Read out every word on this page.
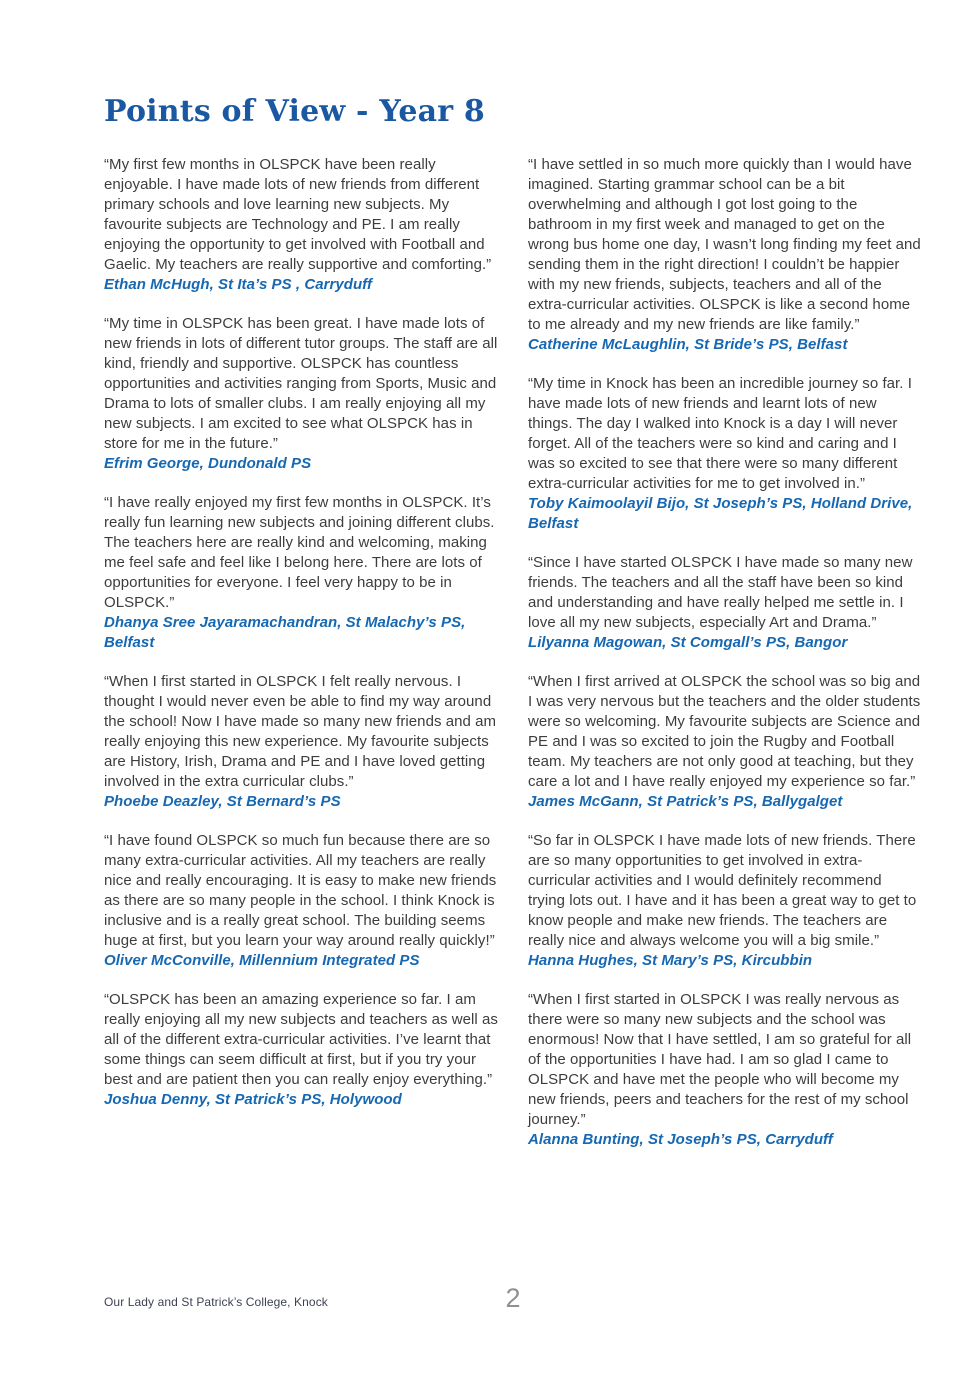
Points of View - Year 8

“My first few months in OLSPCK have been really enjoyable. I have made lots of new friends from different primary schools and love learning new subjects. My favourite subjects are Technology and PE. I am really enjoying the opportunity to get involved with Football and Gaelic. My teachers are really supportive and comforting.”

Ethan McHugh, St Ita’s PS , Carryduff

“My time in OLSPCK has been great. I have made lots of new friends in lots of different tutor groups. The staff are all kind, friendly and supportive. OLSPCK has countless opportunities and activities ranging from Sports, Music and Drama to lots of smaller clubs. I am really enjoying all my new subjects. I am excited to see what OLSPCK has in store for me in the future.”

Efrim George, Dundonald PS

“I have really enjoyed my first few months in OLSPCK. It’s really fun learning new subjects and joining different clubs. The teachers here are really kind and welcoming, making me feel safe and feel like I belong here. There are lots of opportunities for everyone. I feel very happy to be in OLSPCK.”

Dhanya Sree Jayaramachandran, St Malachy’s PS, Belfast

“When I first started in OLSPCK I felt really nervous. I thought I would never even be able to find my way around the school! Now I have made so many new friends and am really enjoying this new experience. My favourite subjects are History, Irish, Drama and PE and I have loved getting involved in the extra curricular clubs.”

Phoebe Deazley, St Bernard’s PS

“I have found OLSPCK so much fun because there are so many extra-curricular activities. All my teachers are really nice and really encouraging. It is easy to make new friends as there are so many people in the school. I think Knock is inclusive and is a really great school. The building seems huge at first, but you learn your way around really quickly!”

Oliver McConville, Millennium Integrated PS

“OLSPCK has been an amazing experience so far. I am really enjoying all my new subjects and teachers as well as all of the different extra-curricular activities. I’ve learnt that some things can seem difficult at first, but if you try your best and are patient then you can really enjoy everything.”

Joshua Denny, St Patrick’s PS, Holywood

“I have settled in so much more quickly than I would have imagined. Starting grammar school can be a bit overwhelming and although I got lost going to the bathroom in my first week and managed to get on the wrong bus home one day, I wasn’t long finding my feet and sending them in the right direction! I couldn’t be happier with my new friends, subjects, teachers and all of the extra-curricular activities. OLSPCK is like a second home to me already and my new friends are like family.”

Catherine McLaughlin, St Bride’s PS, Belfast

“My time in Knock has been an incredible journey so far. I have made lots of new friends and learnt lots of new things. The day I walked into Knock is a day I will never forget. All of the teachers were so kind and caring and I was so excited to see that there were so many different extra-curricular activities for me to get involved in.”

Toby Kaimoolayil Bijo, St Joseph’s PS, Holland Drive, Belfast

“Since I have started OLSPCK I have made so many new friends. The teachers and all the staff have been so kind and understanding and have really helped me settle in. I love all my new subjects, especially Art and Drama.”

Lilyanna Magowan, St Comgall’s PS, Bangor

“When I first arrived at OLSPCK the school was so big and I was very nervous but the teachers and the older students were so welcoming. My favourite subjects are Science and PE and I was so excited to join the Rugby and Football team. My teachers are not only good at teaching, but they care a lot and I have really enjoyed my experience so far.”

James McGann, St Patrick’s PS, Ballygalget

“So far in OLSPCK I have made lots of new friends. There are so many opportunities to get involved in extra-curricular activities and I would definitely recommend trying lots out. I have and it has been a great way to get to know people and make new friends. The teachers are really nice and always welcome you will a big smile.”

Hanna Hughes, St Mary’s PS, Kircubbin

“When I first started in OLSPCK I was really nervous as there were so many new subjects and the school was enormous! Now that I have settled, I am so grateful for all of the opportunities I have had. I am so glad I came to OLSPCK and have met the people who will become my new friends, peers and teachers for the rest of my school journey.”

Alanna Bunting, St Joseph’s PS, Carryduff

Our Lady and St Patrick’s College, Knock	2
